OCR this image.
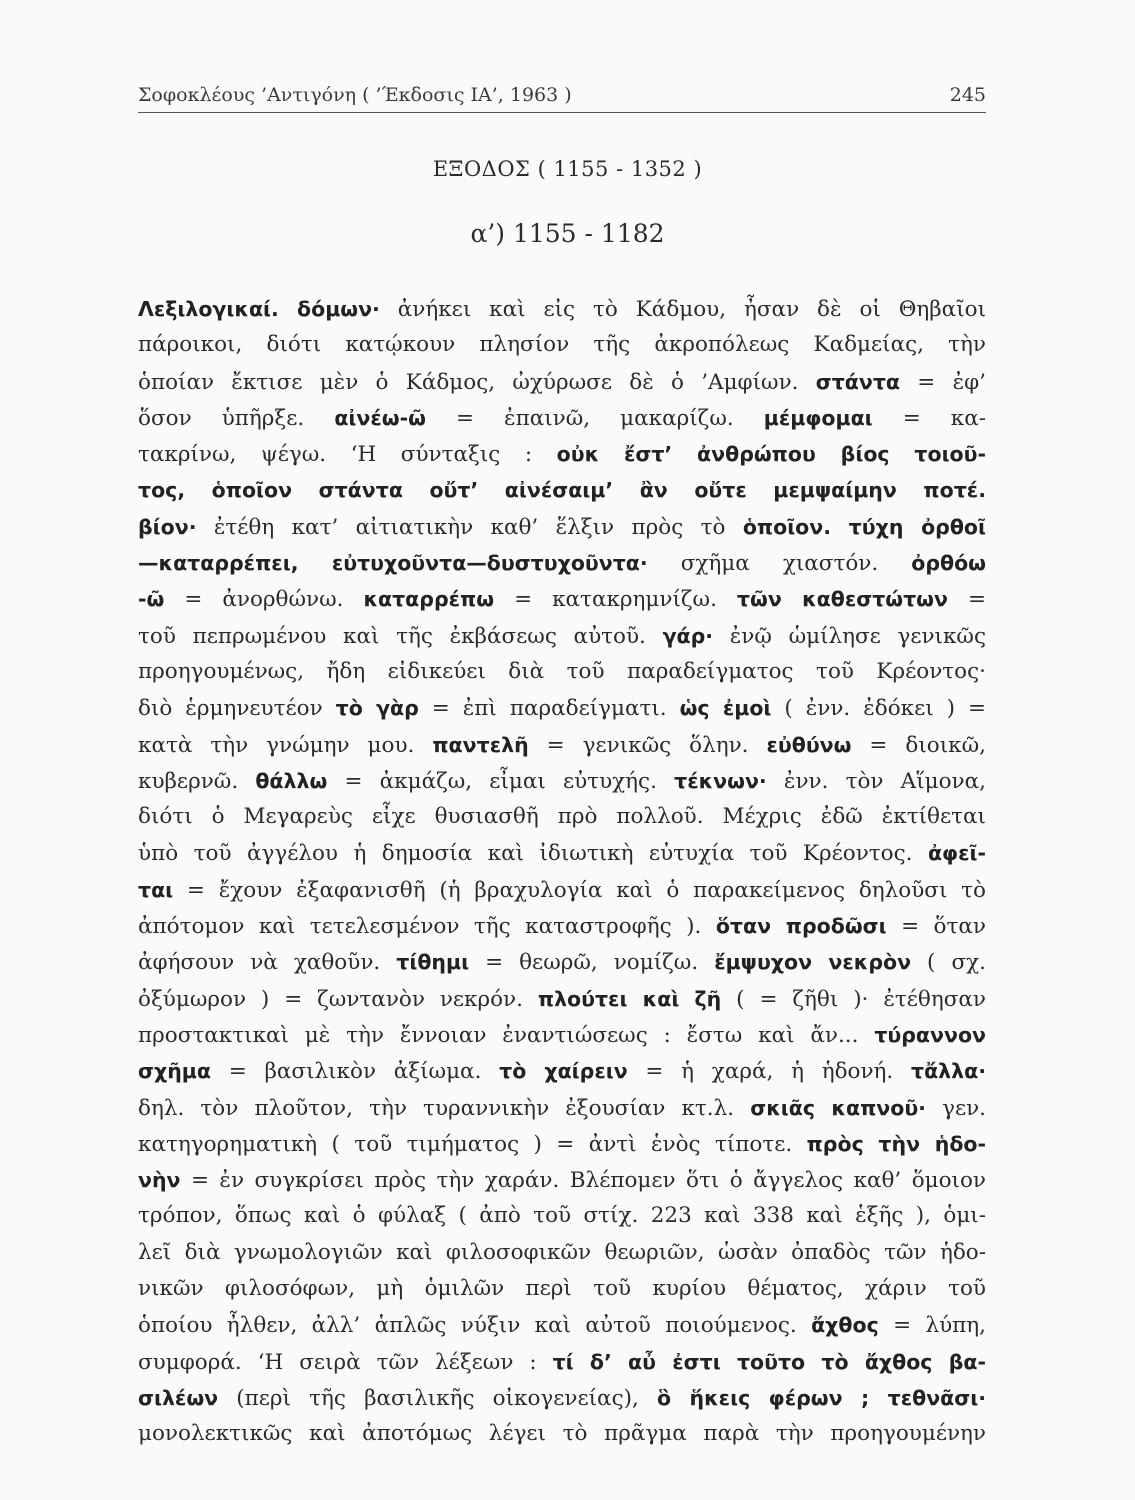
Σοφοκλέους ’Αντιγόνη ( ’Έκδοσις ΙΑ’, 1963 )	245
ΕΞΟΔΟΣ ( 1155 - 1352 )
α’) 1155 - 1182
Λεξιλογικαί. δόμων· ἀνήκει καὶ εἰς τὸ Κάδμου, ἦσαν δὲ οἱ Θηβαῖοι
πάροικοι, διότι κατῴκουν πλησίον τῆς ἀκροπόλεως Καδμείας, τὴν
ὁποίαν ἔκτισε μὲν ὁ Κάδμος, ὠχύρωσε δὲ ὁ ’Αμφίων. στάντα = ἐφ’
ὅσον ὑπῆρξε. αἰνέω-ῶ = ἐπαινῶ, μακαρίζω. μέμφομαι = κα-
τακρίνω, ψέγω. ‘Η σύνταξις : οὐκ ἔστ’ ἀνθρώπου βίος τοιοῦ-
τος, ὁποῖον στάντα οὔτ’ αἰνέσαιμ’ ἂν οὔτε μεμψαίμην ποτέ.
βίον· ἐτέθη κατ’ αἰτιατικὴν καθ’ ἕλξιν πρὸς τὸ ὁποῖον. τύχη ὀρθοῖ
—καταρρέπει, εὐτυχοῦντα—δυστυχοῦντα· σχῆμα χιαστόν. ὀρθόω
-ῶ = ἀνορθώνω. καταρρέπω = κατακρημνίζω. τῶν καθεστώτων =
τοῦ πεπρωμένου καὶ τῆς ἐκβάσεως αὐτοῦ. γάρ· ἐνῷ ὡμίλησε γενικῶς
προηγουμένως, ἤδη εἰδικεύει διὰ τοῦ παραδείγματος τοῦ Κρέοντος·
διὸ ἑρμηνευτέον τὸ γὰρ = ἐπὶ παραδείγματι. ὡς ἐμοὶ ( ἐνν. ἐδόκει ) =
κατὰ τὴν γνώμην μου. παντελῆ = γενικῶς ὅλην. εὐθύνω = διοικῶ,
κυβερνῶ. θάλλω = ἀκμάζω, εἶμαι εὐτυχής. τέκνων· ἐνν. τὸν Αἵμονα,
διότι ὁ Μεγαρεὺς εἶχε θυσιασθῆ πρὸ πολλοῦ. Μέχρις ἐδῶ ἐκτίθεται
ὑπὸ τοῦ ἀγγέλου ἡ δημοσία καὶ ἰδιωτικὴ εὐτυχία τοῦ Κρέοντος. ἀφεῖ-
ται = ἔχουν ἐξαφανισθῆ (ἡ βραχυλογία καὶ ὁ παρακείμενος δηλοῦσι τὸ
ἀπότομον καὶ τετελεσμένον τῆς καταστροφῆς ). ὅταν προδῶσι = ὅταν
ἀφήσουν νὰ χαθοῦν. τίθημι = θεωρῶ, νομίζω. ἔμψυχον νεκρὸν ( σχ.
ὀξύμωρον ) = ζωντανὸν νεκρόν. πλούτει καὶ ζῆ ( = ζῆθι )· ἐτέθησαν
προστακτικαὶ μὲ τὴν ἔννοιαν ἐναντιώσεως : ἔστω καὶ ἄν... τύραννον
σχῆμα = βασιλικὸν ἀξίωμα. τὸ χαίρειν = ἡ χαρά, ἡ ἡδονή. τἄλλα·
δηλ. τὸν πλοῦτον, τὴν τυραννικὴν ἐξουσίαν κτ.λ. σκιᾶς καπνοῦ· γεν.
κατηγορηματικὴ ( τοῦ τιμήματος ) = ἀντὶ ἑνὸς τίποτε. πρὸς τὴν ἡδο-
νὴν = ἐν συγκρίσει πρὸς τὴν χαράν. Βλέπομεν ὅτι ὁ ἄγγελος καθ’ ὅμοιον
τρόπον, ὅπως καὶ ὁ φύλαξ ( ἀπὸ τοῦ στίχ. 223 καὶ 338 καὶ ἑξῆς ), ὁμι-
λεῖ διὰ γνωμολογιῶν καὶ φιλοσοφικῶν θεωριῶν, ὡσὰν ὀπαδὸς τῶν ἡδο-
νικῶν φιλοσόφων, μὴ ὁμιλῶν περὶ τοῦ κυρίου θέματος, χάριν τοῦ
ὁποίου ἦλθεν, ἀλλ’ ἁπλῶς νύξιν καὶ αὐτοῦ ποιούμενος. ἄχθος = λύπη,
συμφορά. ‘Η σειρὰ τῶν λέξεων : τί δ’ αὖ ἐστι τοῦτο τὸ ἄχθος βα-
σιλέων (περὶ τῆς βασιλικῆς οἰκογενείας), ὃ ἥκεις φέρων ; τεθνᾶσι·
μονολεκτικῶς καὶ ἀποτόμως λέγει τὸ πρᾶγμα παρὰ τὴν προηγουμένην
